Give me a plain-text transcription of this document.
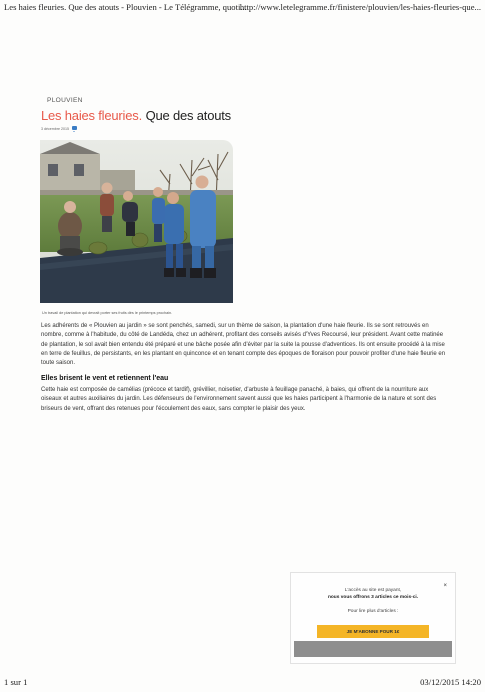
Les haies fleuries. Que des atouts - Plouvien - Le Télégramme, quoti...
http://www.letelegramme.fr/finistere/plouvien/les-haies-fleuries-que...
PLOUVIEN
Les haies fleuries. Que des atouts
3 décembre 2015
Un travail de plantation qui devrait porter ses fruits dès le printemps prochain.
Les adhérents de « Plouvien au jardin » se sont penchés, samedi, sur un thème de saison, la plantation d'une haie fleurie. Ils se sont retrouvés en nombre, comme à l'habitude, du côté de Landéda, chez un adhérent, profitant des conseils avisés d'Yves Recoursé, leur président. Avant cette matinée de plantation, le sol avait bien entendu été préparé et une bâche posée afin d'éviter par la suite la pousse d'adventices. Ils ont ensuite procédé à la mise en terre de feuillus, de persistants, en les plantant en quinconce et en tenant compte des époques de floraison pour pouvoir profiter d'une haie fleurie en toute saison.
Elles brisent le vent et retiennent l'eau
Cette haie est composée de camélias (précoce et tardif), grévillier, noisetier, d'arbuste à feuillage panaché, à baies, qui offrent de la nourriture aux oiseaux et autres auxiliaires du jardin. Les défenseurs de l'environnement savent aussi que les haies participent à l'harmonie de la nature et sont des briseurs de vent, offrant des retenues pour l'écoulement des eaux, sans compter le plaisir des yeux.
×
L'accès au site est payant,
nous vous offrons 3 articles ce mois-ci.
Pour lire plus d'articles :
JE M'ABONNE POUR 1€
1 sur 1	03/12/2015 14:20
